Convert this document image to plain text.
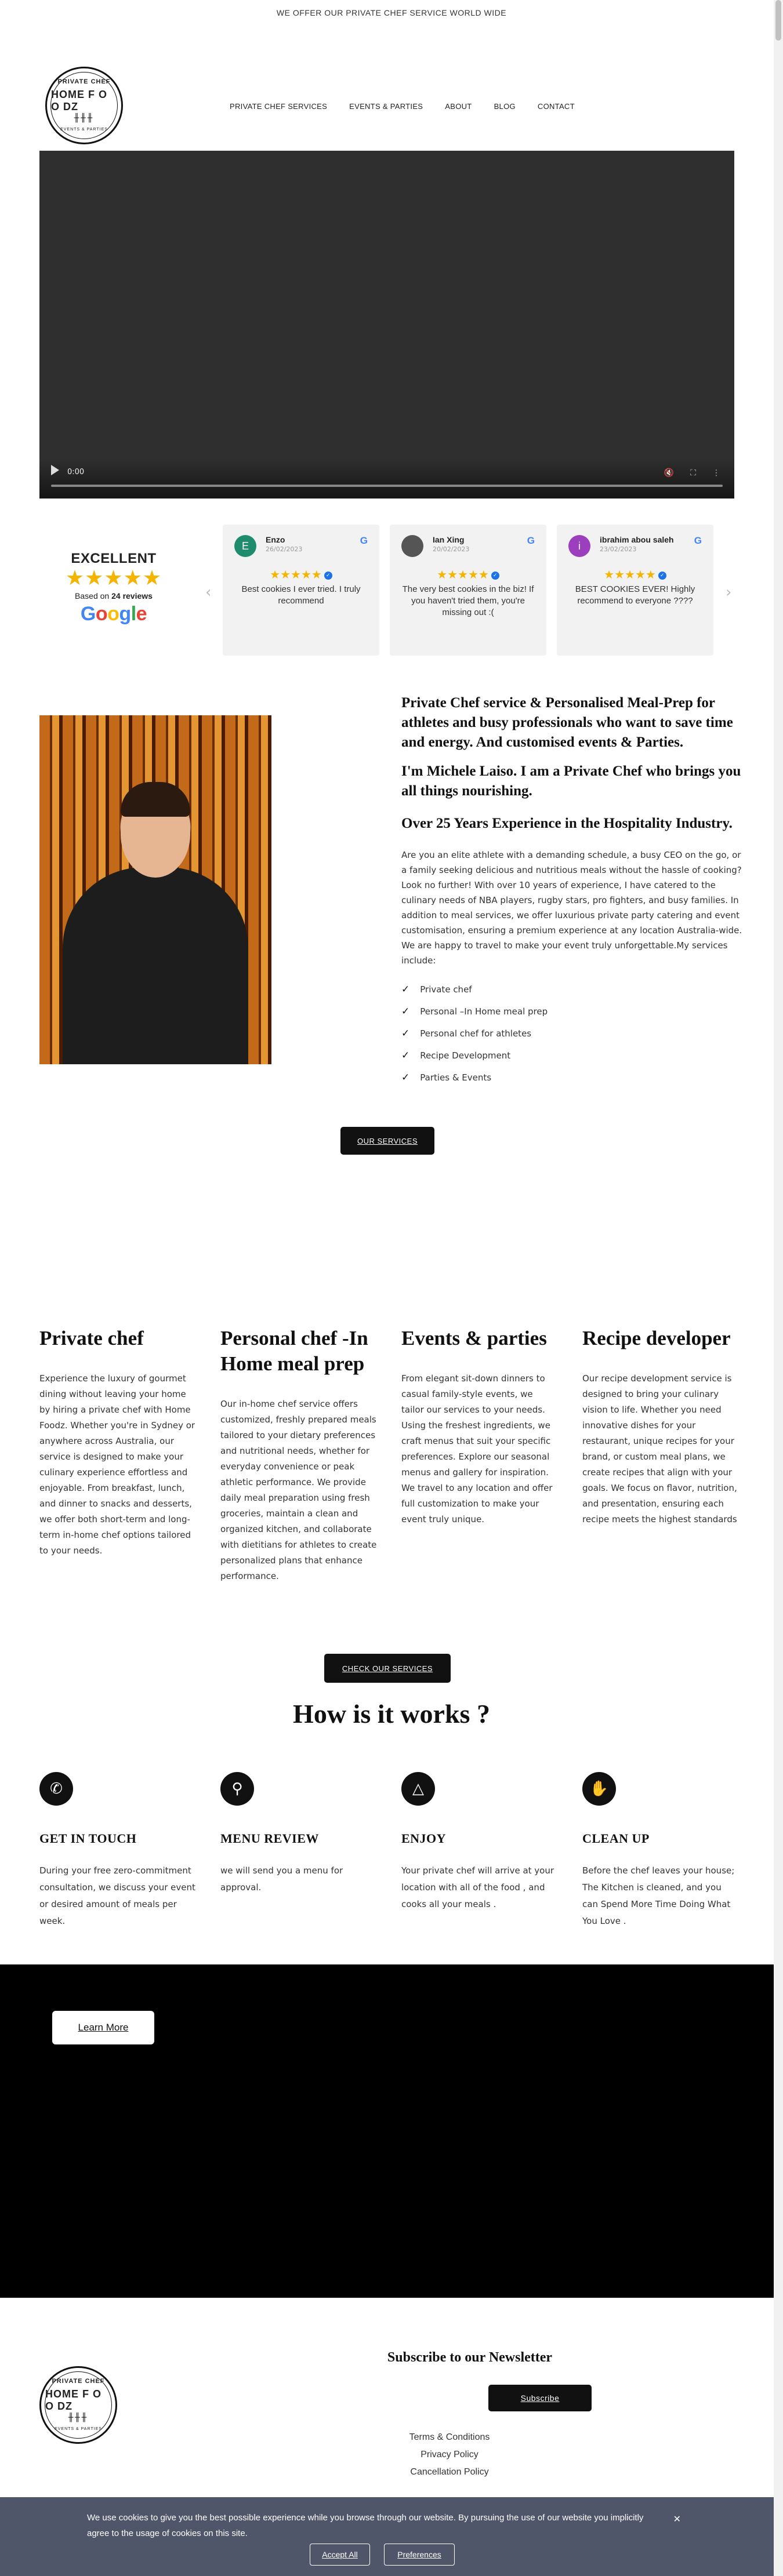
WE OFFER OUR PRIVATE CHEF SERVICE WORLD WIDE
PRIVATE CHEF
HOME F O O DZ
╫╫╫
EVENTS & PARTIES
PRIVATE CHEF SERVICES	EVENTS & PARTIES	ABOUT	BLOG	CONTACT
0:00	🔇 ⛶ ⋮
EXCELLENT
★★★★★
Based on 24 reviews
Google
‹	›
E
Enzo
26/02/2023
G
★★★★★ ✓
Best cookies I ever tried. I truly recommend
Ian Xing
20/02/2023
G
★★★★★ ✓
The very best cookies in the biz! If you haven't tried them, you're missing out :(
i
ibrahim abou saleh
23/02/2023
G
★★★★★ ✓
BEST COOKIES EVER! Highly recommend to everyone ????
Private Chef service & Personalised Meal-Prep for athletes and busy professionals who want to save time and energy. And customised events & Parties.
I'm Michele Laiso. I am a Private Chef who brings you all things nourishing.
Over 25 Years Experience in the Hospitality Industry.

Are you an elite athlete with a demanding schedule, a busy CEO on the go, or a family seeking delicious and nutritious meals without the hassle of cooking? Look no further! With over 10 years of experience, I have catered to the culinary needs of NBA players, rugby stars, pro fighters, and busy families. In addition to meal services, we offer luxurious private party catering and event customisation, ensuring a premium experience at any location Australia-wide. We are happy to travel to make your event truly unforgettable.My services include:

✓ Private chef
✓ Personal –In Home meal prep
✓ Personal chef for athletes
✓ Recipe Development
✓ Parties & Events
OUR SERVICES
Private chef

Experience the luxury of gourmet dining without leaving your home by hiring a private chef with Home Foodz. Whether you're in Sydney or anywhere across Australia, our service is designed to make your culinary experience effortless and enjoyable. From breakfast, lunch, and dinner to snacks and desserts, we offer both short-term and long-term in-home chef options tailored to your needs.

Personal chef -In Home meal prep

Our in-home chef service offers customized, freshly prepared meals tailored to your dietary preferences and nutritional needs, whether for everyday convenience or peak athletic performance. We provide daily meal preparation using fresh groceries, maintain a clean and organized kitchen, and collaborate with dietitians for athletes to create personalized plans that enhance performance.

Events & parties

From elegant sit-down dinners to casual family-style events, we tailor our services to your needs. Using the freshest ingredients, we craft menus that suit your specific preferences. Explore our seasonal menus and gallery for inspiration. We travel to any location and offer full customization to make your event truly unique.

Recipe developer

Our recipe development service is designed to bring your culinary vision to life. Whether you need innovative dishes for your restaurant, unique recipes for your brand, or custom meal plans, we create recipes that align with your goals. We focus on flavor, nutrition, and presentation, ensuring each recipe meets the highest standards

CHECK OUR SERVICES
How is it works ?
✆
GET IN TOUCH

During your free zero-commitment consultation, we discuss your event or desired amount of meals per week.

⚲
MENU REVIEW

we will send you a menu for approval.

△
ENJOY

Your private chef will arrive at your location with all of the food , and cooks all your meals .

✋
CLEAN UP

Before the chef leaves your house; The Kitchen is cleaned, and you can Spend More Time Doing What You Love .

Learn More
PRIVATE CHEF
HOME F O O DZ
╫╫╫
EVENTS & PARTIES
Subscribe to our Newsletter
Subscribe
Terms & Conditions
Privacy Policy
Cancellation Policy
We use cookies to give you the best possible experience while you browse through our website. By pursuing the use of our website you implicitly agree to the usage of cookies on this site.
✕
Accept All	Preferences
